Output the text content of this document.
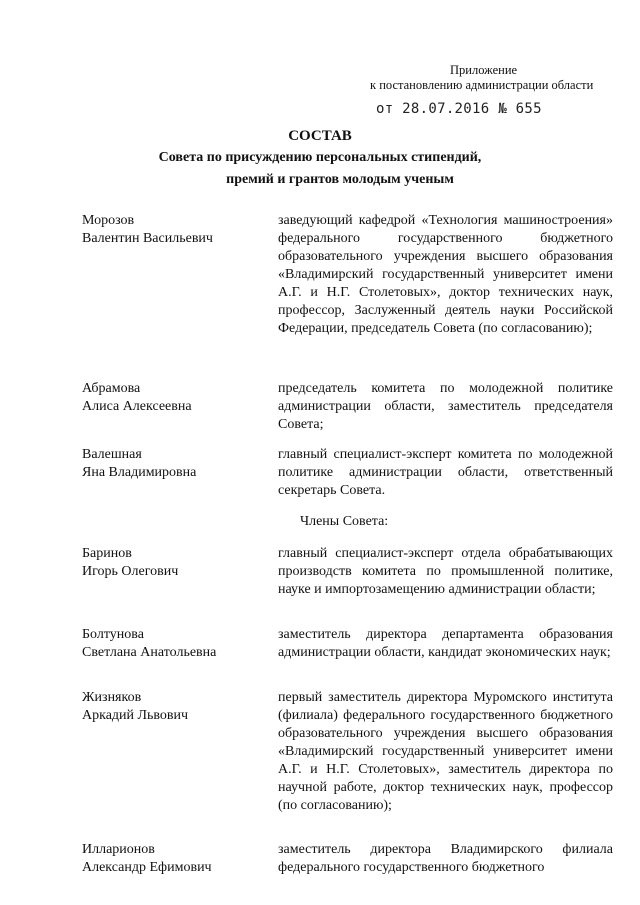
Приложение
к постановлению администрации области
от 28.07.2016 № 655
СОСТАВ
Совета по присуждению персональных стипендий,
премий и грантов молодым ученым
Морозов
Валентин Васильевич
заведующий кафедрой «Технология машиностроения» федерального государственного бюджетного образовательного учреждения высшего образования «Владимирский государственный университет имени А.Г. и Н.Г. Столетовых», доктор технических наук, профессор, Заслуженный деятель науки Российской Федерации, председатель Совета (по согласованию);
Абрамова
Алиса Алексеевна
председатель комитета по молодежной политике администрации области, заместитель председателя Совета;
Валешная
Яна Владимировна
главный специалист-эксперт комитета по молодежной политике администрации области, ответственный секретарь Совета.
Члены Совета:
Баринов
Игорь Олегович
главный специалист-эксперт отдела обрабатывающих производств комитета по промышленной политике, науке и импортозамещению администрации области;
Болтунова
Светлана Анатольевна
заместитель директора департамента образования администрации области, кандидат экономических наук;
Жизняков
Аркадий Львович
первый заместитель директора Муромского института (филиала) федерального государственного бюджетного образовательного учреждения высшего образования «Владимирский государственный университет имени А.Г. и Н.Г. Столетовых», заместитель директора по научной работе, доктор технических наук, профессор (по согласованию);
Илларионов
Александр Ефимович
заместитель директора Владимирского филиала федерального государственного бюджетного
